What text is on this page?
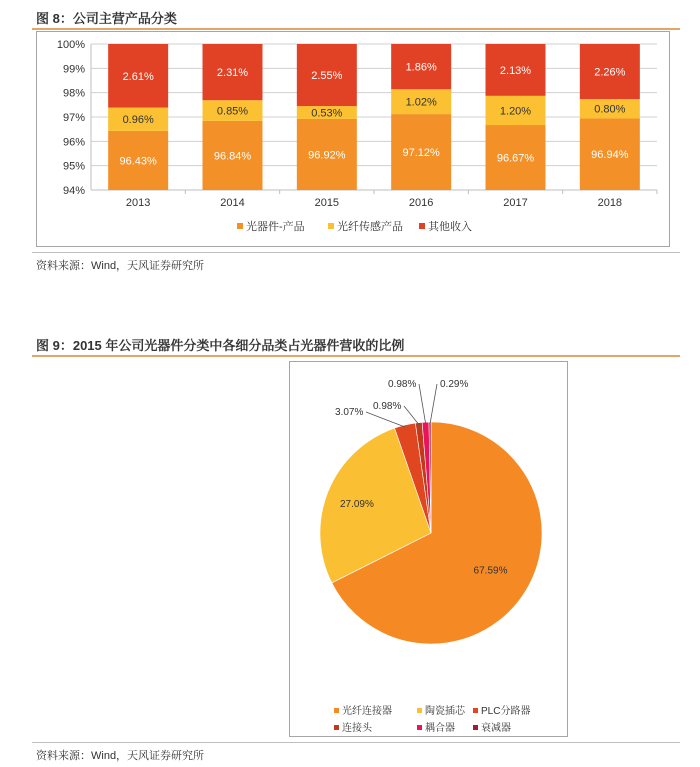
图 8：公司主营产品分类
94%
95%
96%
97%
98%
99%
100%
96.43%
0.96%
2.61%
96.84%
0.85%
2.31%
96.92%
0.53%
2.55%
97.12%
1.02%
1.86%
96.67%
1.20%
2.13%
96.94%
0.80%
2.26%
2013	2014	2015	2016	2017	2018
光器件-产品	光纤传感产品 其他收入
资料来源：Wind，天风证券研究所
图 9：2015 年公司光器件分类中各细分品类占光器件营收的比例
67.59%
27.09%
3.07%
0.98%
0.98% 0.29%
光纤连接器	陶瓷插芯 PLC分路器
连接头	耦合器	衰减器
资料来源：Wind，天风证券研究所
